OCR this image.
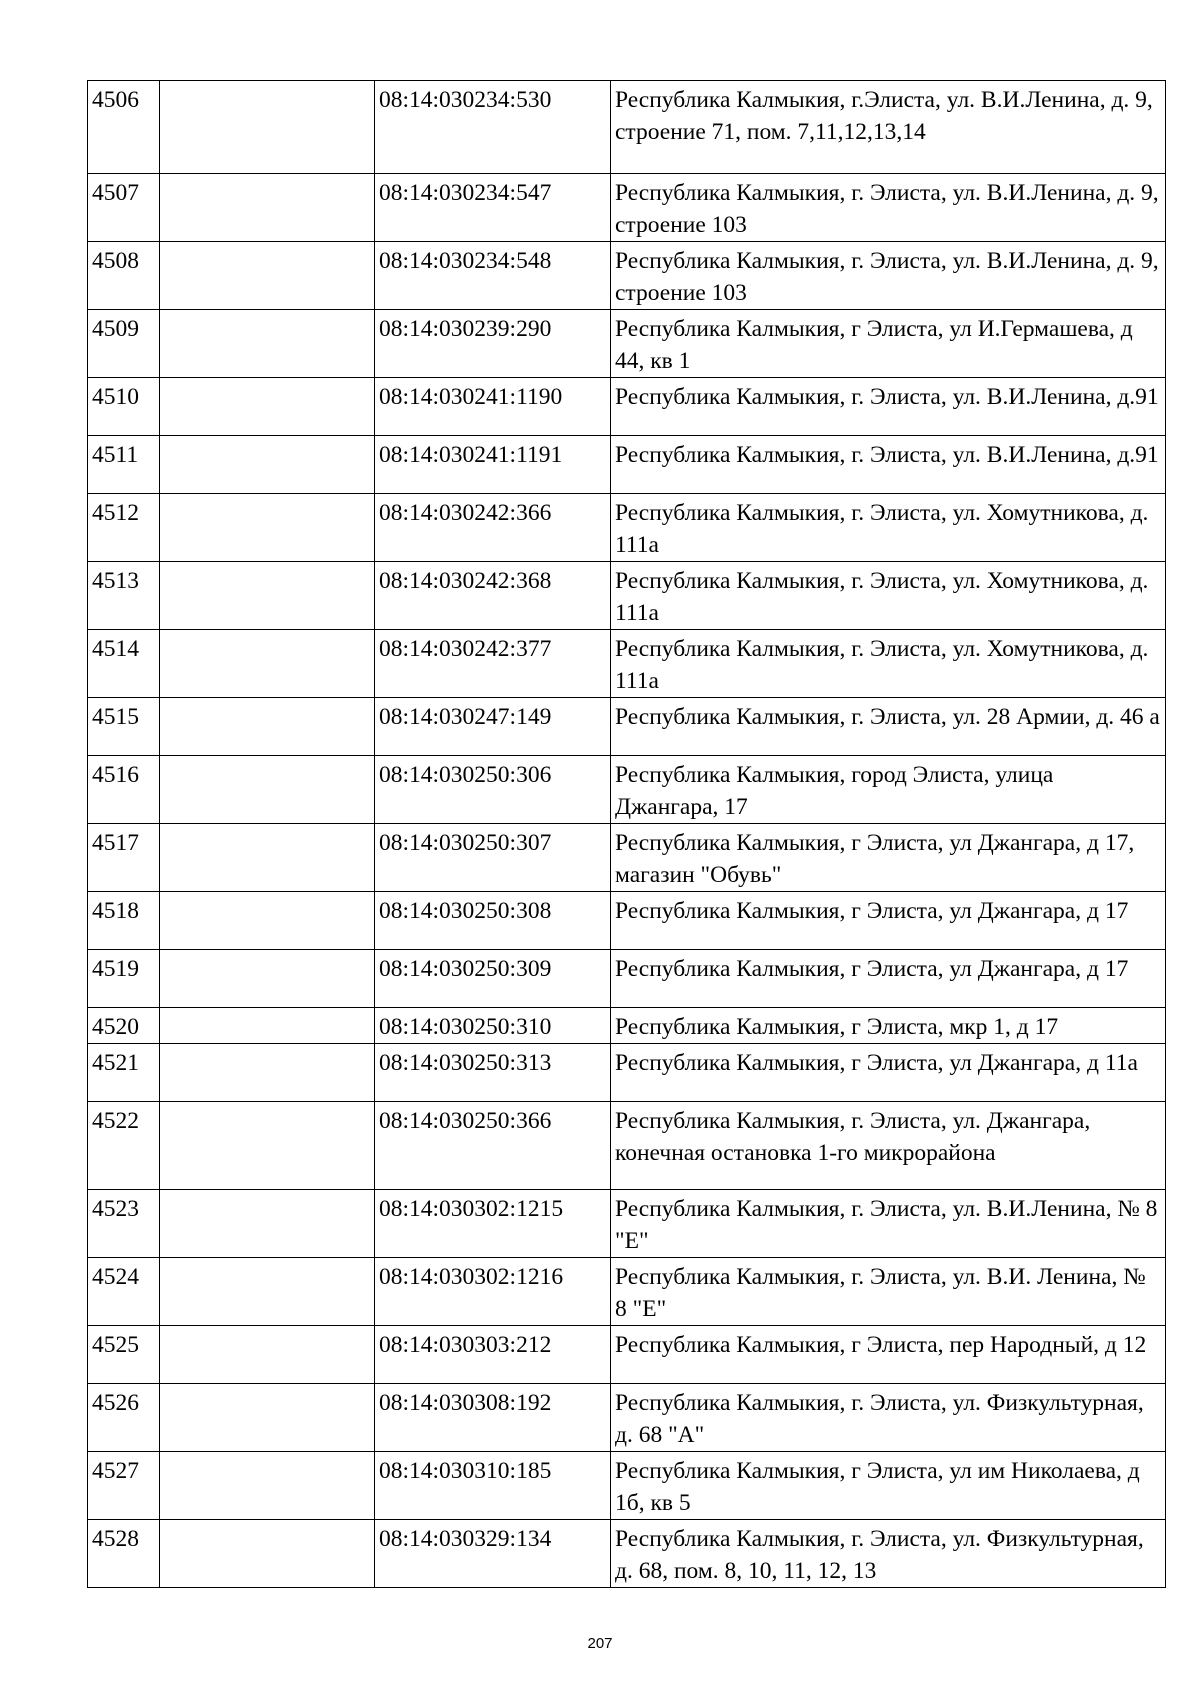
4506		08:14:030234:530	Республика Калмыкия, г.Элиста, ул. В.И.Ленина, д. 9, строение 71, пом. 7,11,12,13,14
4507		08:14:030234:547	Республика Калмыкия, г. Элиста, ул. В.И.Ленина, д. 9, строение 103
4508		08:14:030234:548	Республика Калмыкия, г. Элиста, ул. В.И.Ленина, д. 9, строение 103
4509		08:14:030239:290	Республика Калмыкия, г Элиста, ул И.Гермашева, д 44, кв 1
4510		08:14:030241:1190	Республика Калмыкия, г. Элиста, ул. В.И.Ленина, д.91
4511		08:14:030241:1191	Республика Калмыкия, г. Элиста, ул. В.И.Ленина, д.91
4512		08:14:030242:366	Республика Калмыкия, г. Элиста, ул. Хомутникова, д. 111а
4513		08:14:030242:368	Республика Калмыкия, г. Элиста, ул. Хомутникова, д. 111а
4514		08:14:030242:377	Республика Калмыкия, г. Элиста, ул. Хомутникова, д. 111а
4515		08:14:030247:149	Республика Калмыкия, г. Элиста, ул. 28 Армии, д. 46 а
4516		08:14:030250:306	Республика Калмыкия, город Элиста, улица Джангара, 17
4517		08:14:030250:307	Республика Калмыкия, г Элиста, ул Джангара, д 17, магазин "Обувь"
4518		08:14:030250:308	Республика Калмыкия, г Элиста, ул Джангара, д 17
4519		08:14:030250:309	Республика Калмыкия, г Элиста, ул Джангара, д 17
4520		08:14:030250:310	Республика Калмыкия, г Элиста, мкр 1, д 17
4521		08:14:030250:313	Республика Калмыкия, г Элиста, ул Джангара, д 11а
4522		08:14:030250:366	Республика Калмыкия, г. Элиста, ул. Джангара, конечная остановка 1-го микрорайона
4523		08:14:030302:1215	Республика Калмыкия, г. Элиста, ул. В.И.Ленина, № 8 "Е"
4524		08:14:030302:1216	Республика Калмыкия, г. Элиста, ул. В.И. Ленина, № 8 "Е"
4525		08:14:030303:212	Республика Калмыкия, г Элиста, пер Народный, д 12
4526		08:14:030308:192	Республика Калмыкия, г. Элиста, ул. Физкультурная, д. 68 "А"
4527		08:14:030310:185	Республика Калмыкия, г Элиста, ул им Николаева, д 1б, кв 5
4528		08:14:030329:134	Республика Калмыкия, г. Элиста, ул. Физкультурная, д. 68, пом. 8, 10, 11, 12, 13
207
